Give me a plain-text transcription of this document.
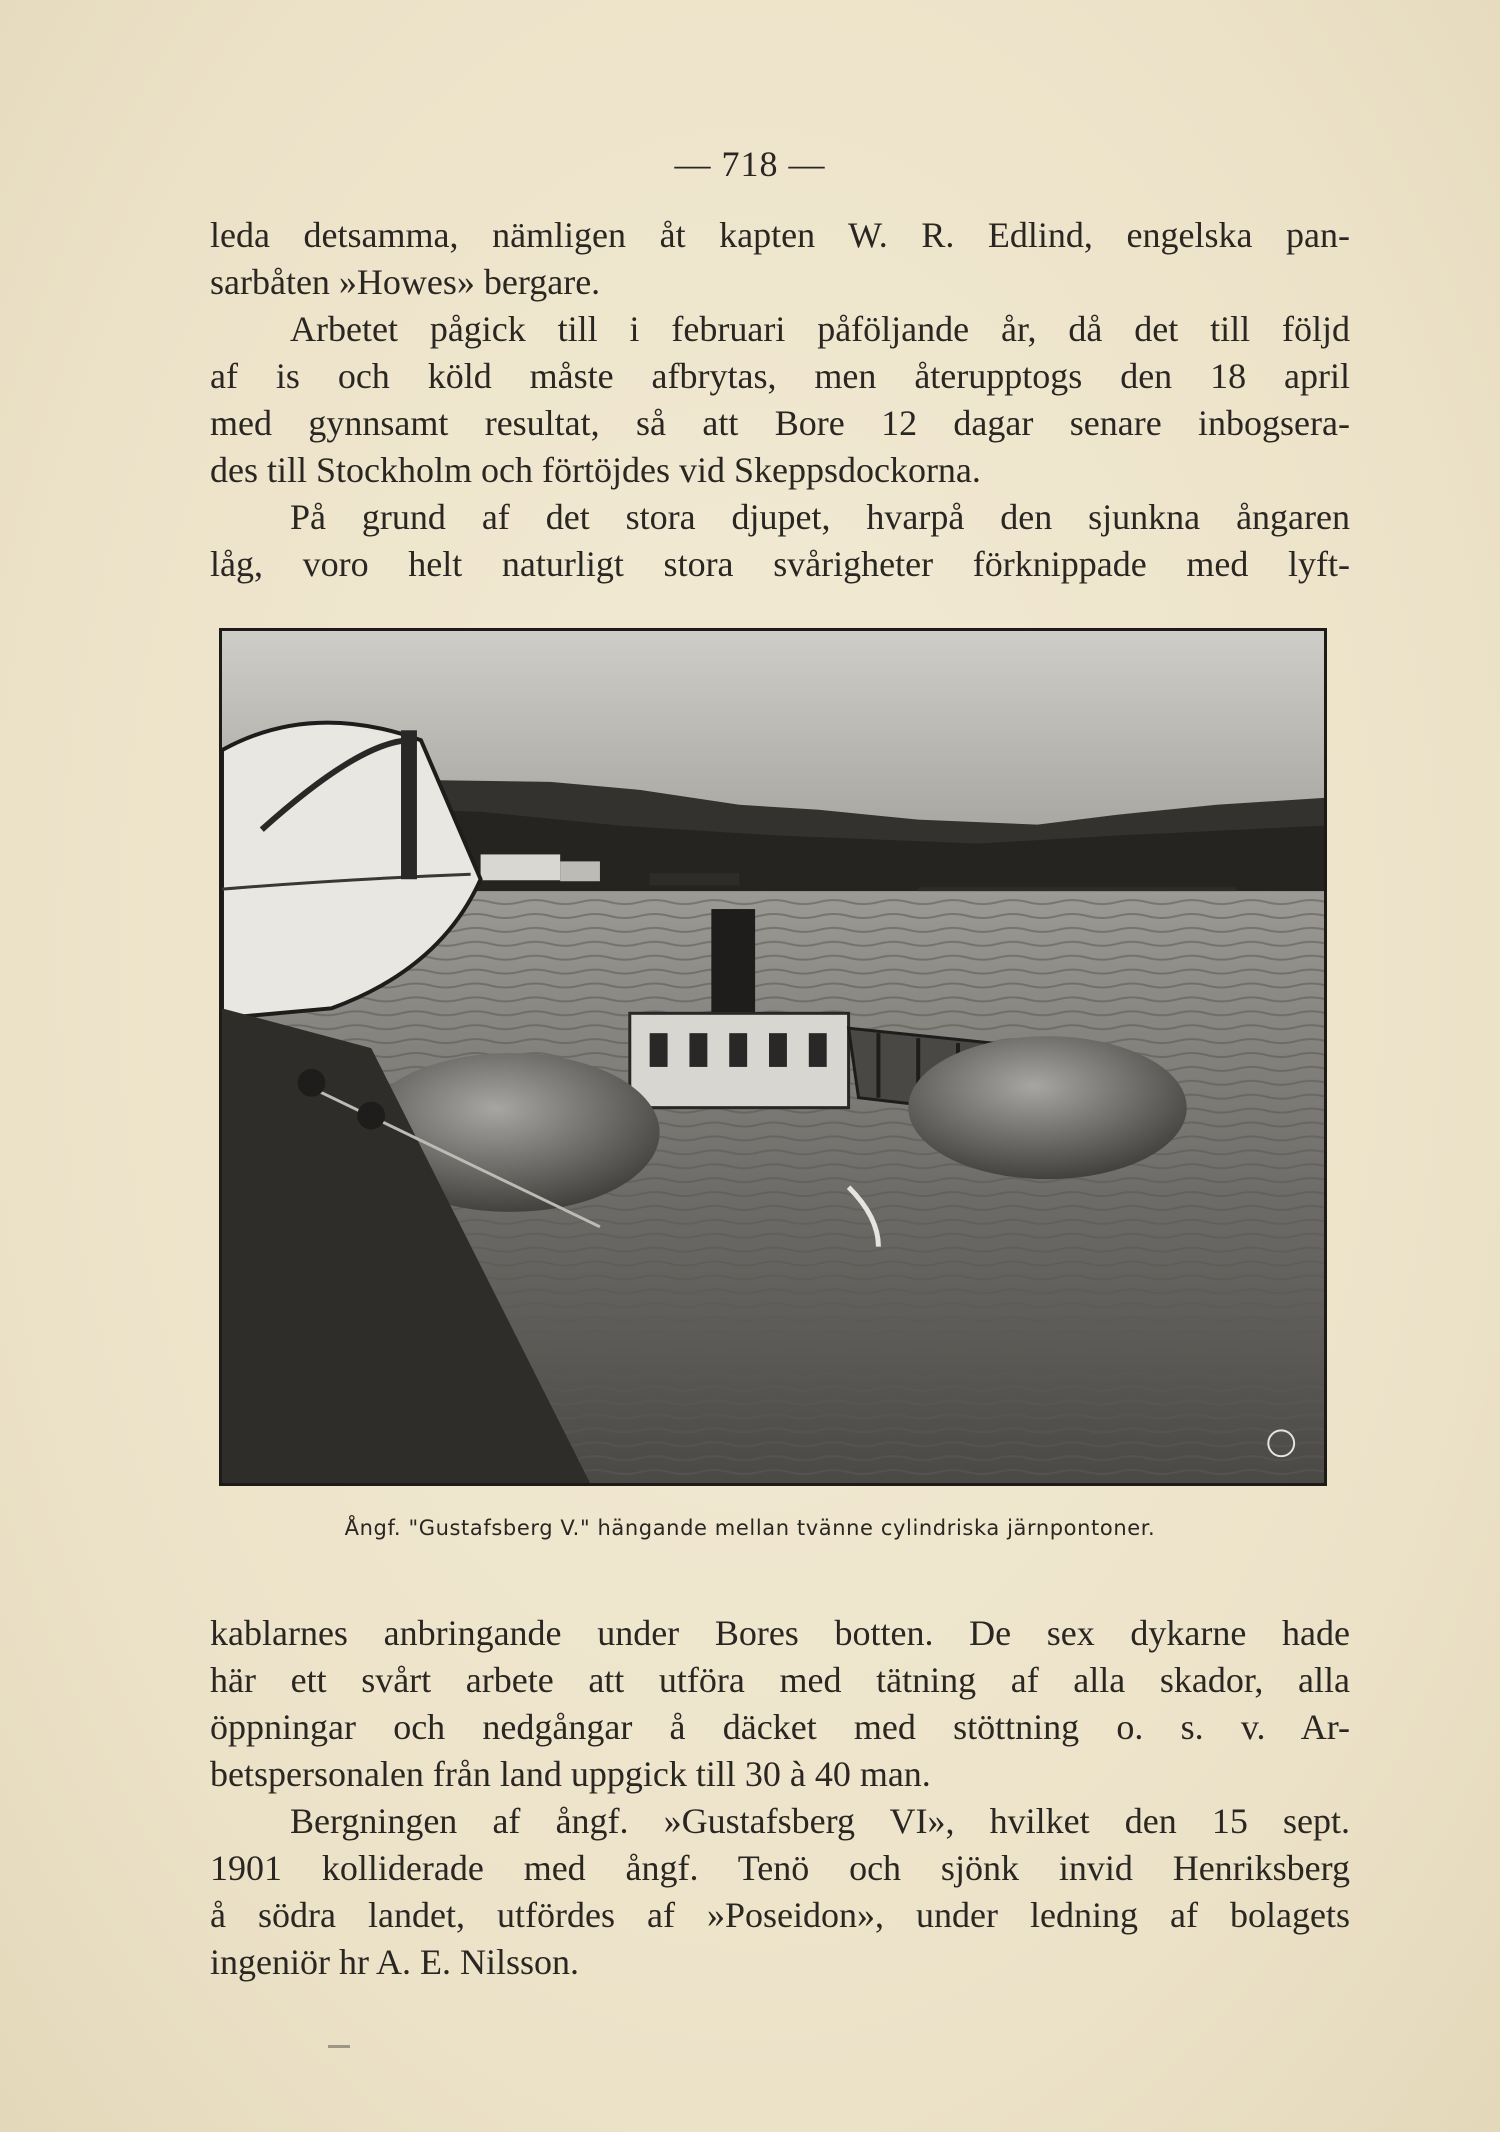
— 718 —
leda detsamma, nämligen åt kapten W. R. Edlind, engelska pan-
sarbåten »Howes» bergare.
Arbetet pågick till i februari påföljande år, då det till följd
af is och köld måste afbrytas, men återupptogs den 18 april
med gynnsamt resultat, så att Bore 12 dagar senare inbogsera-
des till Stockholm och förtöjdes vid Skeppsdockorna.
På grund af det stora djupet, hvarpå den sjunkna ångaren
låg, voro helt naturligt stora svårigheter förknippade med lyft-
Ångf. "Gustafsberg V." hängande mellan tvänne cylindriska järnpontoner.
kablarnes anbringande under Bores botten. De sex dykarne hade
här ett svårt arbete att utföra med tätning af alla skador, alla
öppningar och nedgångar å däcket med stöttning o. s. v. Ar-
betspersonalen från land uppgick till 30 à 40 man.
Bergningen af ångf. »Gustafsberg VI», hvilket den 15 sept.
1901 kolliderade med ångf. Tenö och sjönk invid Henriksberg
å södra landet, utfördes af »Poseidon», under ledning af bolagets
ingeniör hr A. E. Nilsson.
